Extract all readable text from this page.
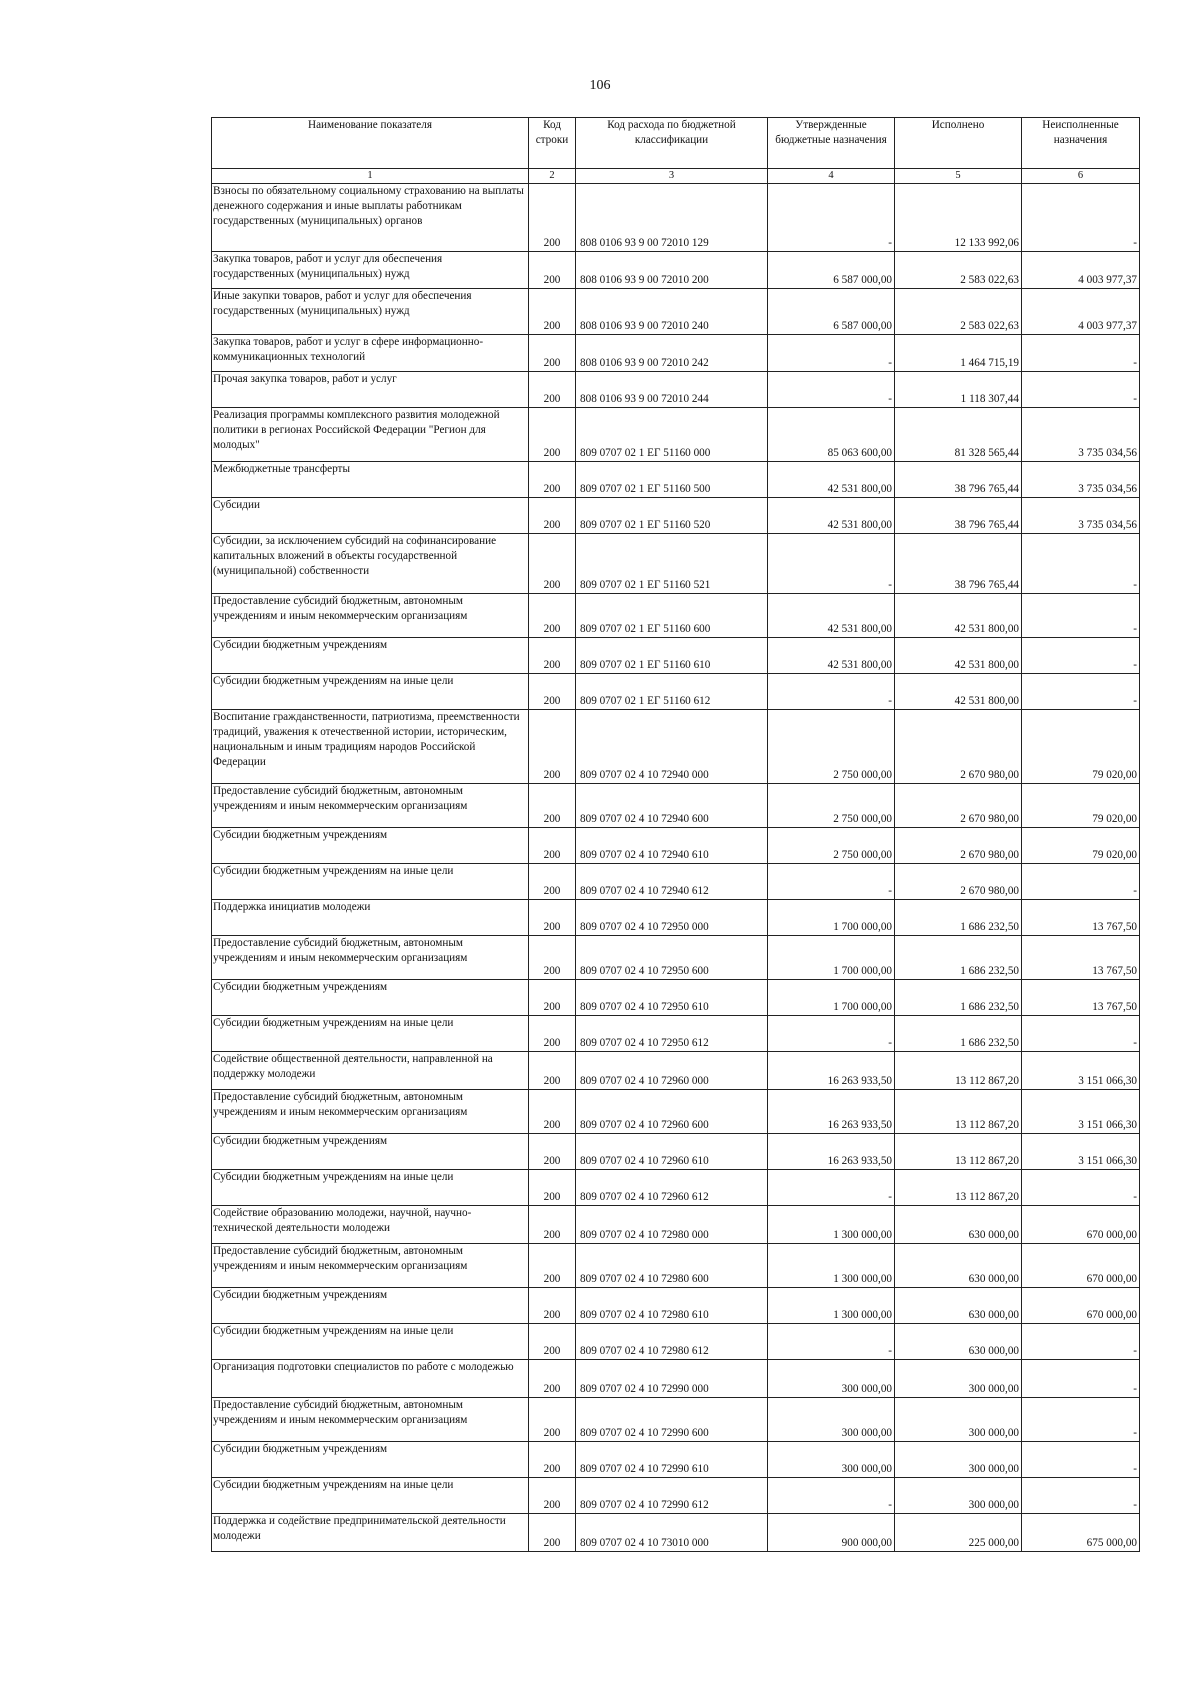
106
Наименование показателя	Код строки	Код расхода по бюджетной классификации	Утвержденные бюджетные назначения	Исполнено	Неисполненные назначения
1	2	3	4	5	6
Взносы по обязательному социальному страхованию на выплаты денежного содержания и иные выплаты работникам государственных (муниципальных) органов	200	808 0106 93 9 00 72010 129	-	12 133 992,06	-
Закупка товаров, работ и услуг для обеспечения государственных (муниципальных) нужд	200	808 0106 93 9 00 72010 200	6 587 000,00	2 583 022,63	4 003 977,37
Иные закупки товаров, работ и услуг для обеспечения государственных (муниципальных) нужд	200	808 0106 93 9 00 72010 240	6 587 000,00	2 583 022,63	4 003 977,37
Закупка товаров, работ и услуг в сфере информационно-коммуникационных технологий	200	808 0106 93 9 00 72010 242	-	1 464 715,19	-
Прочая закупка товаров, работ и услуг	200	808 0106 93 9 00 72010 244	-	1 118 307,44	-
Реализация программы комплексного развития молодежной политики в регионах Российской Федерации "Регион для молодых"	200	809 0707 02 1 ЕГ 51160 000	85 063 600,00	81 328 565,44	3 735 034,56
Межбюджетные трансферты	200	809 0707 02 1 ЕГ 51160 500	42 531 800,00	38 796 765,44	3 735 034,56
Субсидии	200	809 0707 02 1 ЕГ 51160 520	42 531 800,00	38 796 765,44	3 735 034,56
Субсидии, за исключением субсидий на софинансирование капитальных вложений в объекты государственной (муниципальной) собственности	200	809 0707 02 1 ЕГ 51160 521	-	38 796 765,44	-
Предоставление субсидий бюджетным, автономным учреждениям и иным некоммерческим организациям	200	809 0707 02 1 ЕГ 51160 600	42 531 800,00	42 531 800,00	-
Субсидии бюджетным учреждениям	200	809 0707 02 1 ЕГ 51160 610	42 531 800,00	42 531 800,00	-
Субсидии бюджетным учреждениям на иные цели	200	809 0707 02 1 ЕГ 51160 612	-	42 531 800,00	-
Воспитание гражданственности, патриотизма, преемственности традиций, уважения к отечественной истории, историческим, национальным и иным традициям народов Российской Федерации	200	809 0707 02 4 10 72940 000	2 750 000,00	2 670 980,00	79 020,00
Предоставление субсидий бюджетным, автономным учреждениям и иным некоммерческим организациям	200	809 0707 02 4 10 72940 600	2 750 000,00	2 670 980,00	79 020,00
Субсидии бюджетным учреждениям	200	809 0707 02 4 10 72940 610	2 750 000,00	2 670 980,00	79 020,00
Субсидии бюджетным учреждениям на иные цели	200	809 0707 02 4 10 72940 612	-	2 670 980,00	-
Поддержка инициатив молодежи	200	809 0707 02 4 10 72950 000	1 700 000,00	1 686 232,50	13 767,50
Предоставление субсидий бюджетным, автономным учреждениям и иным некоммерческим организациям	200	809 0707 02 4 10 72950 600	1 700 000,00	1 686 232,50	13 767,50
Субсидии бюджетным учреждениям	200	809 0707 02 4 10 72950 610	1 700 000,00	1 686 232,50	13 767,50
Субсидии бюджетным учреждениям на иные цели	200	809 0707 02 4 10 72950 612	-	1 686 232,50	-
Содействие общественной деятельности, направленной на поддержку молодежи	200	809 0707 02 4 10 72960 000	16 263 933,50	13 112 867,20	3 151 066,30
Предоставление субсидий бюджетным, автономным учреждениям и иным некоммерческим организациям	200	809 0707 02 4 10 72960 600	16 263 933,50	13 112 867,20	3 151 066,30
Субсидии бюджетным учреждениям	200	809 0707 02 4 10 72960 610	16 263 933,50	13 112 867,20	3 151 066,30
Субсидии бюджетным учреждениям на иные цели	200	809 0707 02 4 10 72960 612	-	13 112 867,20	-
Содействие образованию молодежи, научной, научно-технической деятельности молодежи	200	809 0707 02 4 10 72980 000	1 300 000,00	630 000,00	670 000,00
Предоставление субсидий бюджетным, автономным учреждениям и иным некоммерческим организациям	200	809 0707 02 4 10 72980 600	1 300 000,00	630 000,00	670 000,00
Субсидии бюджетным учреждениям	200	809 0707 02 4 10 72980 610	1 300 000,00	630 000,00	670 000,00
Субсидии бюджетным учреждениям на иные цели	200	809 0707 02 4 10 72980 612	-	630 000,00	-
Организация подготовки специалистов по работе с молодежью	200	809 0707 02 4 10 72990 000	300 000,00	300 000,00	-
Предоставление субсидий бюджетным, автономным учреждениям и иным некоммерческим организациям	200	809 0707 02 4 10 72990 600	300 000,00	300 000,00	-
Субсидии бюджетным учреждениям	200	809 0707 02 4 10 72990 610	300 000,00	300 000,00	-
Субсидии бюджетным учреждениям на иные цели	200	809 0707 02 4 10 72990 612	-	300 000,00	-
Поддержка и содействие предпринимательской деятельности молодежи	200	809 0707 02 4 10 73010 000	900 000,00	225 000,00	675 000,00
